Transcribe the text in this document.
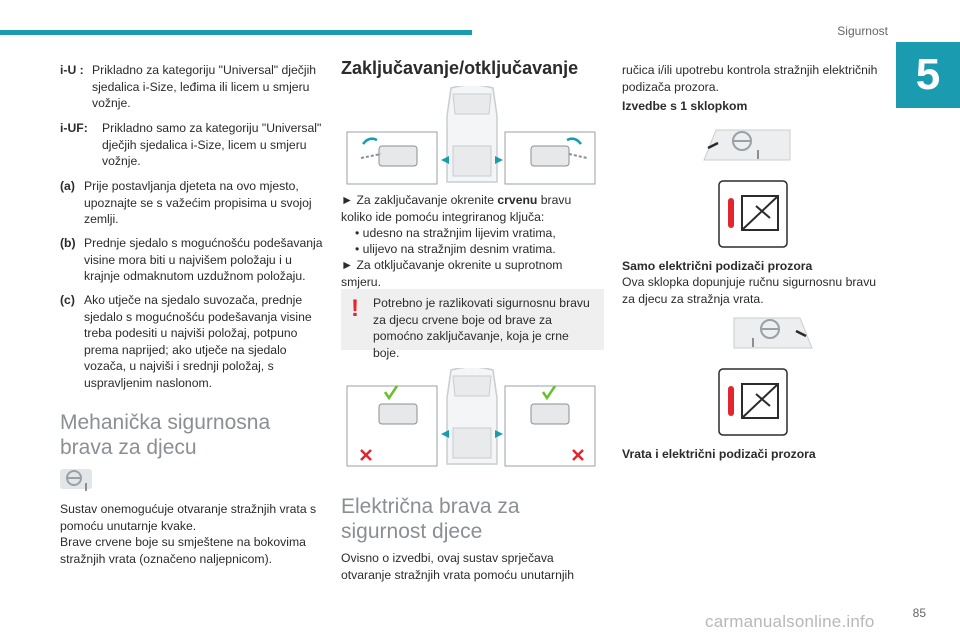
Sigurnost
5
i-U : Prikladno za kategoriju "Universal" dječjih sjedalica i-Size, leđima ili licem u smjeru vožnje.
i-UF:	Prikladno samo za kategoriju "Universal" dječjih sjedalica i-Size, licem u smjeru vožnje.
(a) Prije postavljanja djeteta na ovo mjesto, upoznajte se s važećim propisima u svojoj zemlji.
(b) Prednje sjedalo s mogućnošću podešavanja visine mora biti u najvišem položaju i u krajnje odmaknutom uzdužnom položaju.
(c) Ako utječe na sjedalo suvozača, prednje sjedalo s mogućnošću podešavanja visine treba podesiti u najviši položaj, potpuno prema naprijed; ako utječe na sjedalo vozača, u najviši i srednji položaj, s uspravljenim naslonom.
Mehanička sigurnosna brava za djecu
Sustav onemogućuje otvaranje stražnjih vrata s pomoću unutarnje kvake.
Brave crvene boje su smještene na bokovima stražnjih vrata (označeno naljepnicom).
Zaključavanje/otključavanje
► Za zaključavanje okrenite crvenu bravu koliko ide pomoću integriranog ključa:
• udesno na stražnjim lijevim vratima,
• ulijevo na stražnjim desnim vratima.
► Za otključavanje okrenite u suprotnom smjeru.
! Potrebno je razlikovati sigurnosnu bravu za djecu crvene boje od brave za pomoćno zaključavanje, koja je crne boje.
Električna brava za sigurnost djece
Ovisno o izvedbi, ovaj sustav sprječava otvaranje stražnjih vrata pomoću unutarnjih
ručica i/ili upotrebu kontrola stražnjih električnih podizača prozora.
Izvedbe s 1 sklopkom
Samo električni podizači prozora
Ova sklopka dopunjuje ručnu sigurnosnu bravu za djecu za stražnja vrata.
Vrata i električni podizači prozora
85
carmanualsonline.info
